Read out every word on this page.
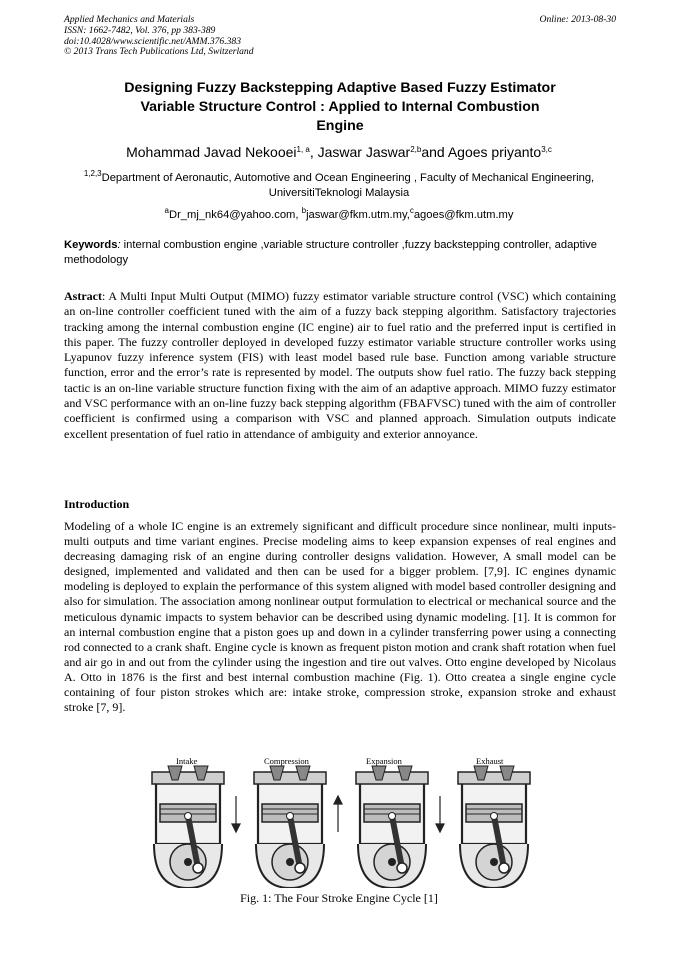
Applied Mechanics and Materials
ISSN: 1662-7482, Vol. 376, pp 383-389
doi:10.4028/www.scientific.net/AMM.376.383
© 2013 Trans Tech Publications Ltd, Switzerland
Online: 2013-08-30
Designing Fuzzy Backstepping Adaptive Based Fuzzy Estimator
Variable Structure Control : Applied to Internal Combustion
Engine
Mohammad Javad Nekooei$^{1, a}$, Jaswar Jaswar$^{2,b}$and Agoes priyanto$^{3,c}$
$^{1,2,3}$Department of Aeronautic, Automotive and Ocean Engineering , Faculty of Mechanical Engineering, UniversitiTeknologi Malaysia
$^a$Dr_mj_nk64@yahoo.com, $^b$jaswar@fkm.utm.my,$^c$agoes@fkm.utm.my
Keywords: internal combustion engine ,variable structure controller ,fuzzy backstepping controller, adaptive methodology
Astract: A Multi Input Multi Output (MIMO) fuzzy estimator variable structure control (VSC) which containing an on-line controller coefficient tuned with the aim of a fuzzy back stepping algorithm. Satisfactory trajectories tracking among the internal combustion engine (IC engine) air to fuel ratio and the preferred input is certified in this paper. The fuzzy controller deployed in developed fuzzy estimator variable structure controller works using Lyapunov fuzzy inference system (FIS) with least model based rule base. Function among variable structure function, error and the error’s rate is represented by model. The outputs show fuel ratio. The fuzzy back stepping tactic is an on-line variable structure function fixing with the aim of an adaptive approach. MIMO fuzzy estimator and VSC performance with an on-line fuzzy back stepping algorithm (FBAFVSC) tuned with the aim of controller coefficient is confirmed using a comparison with VSC and planned approach. Simulation outputs indicate excellent presentation of fuel ratio in attendance of ambiguity and exterior annoyance.
Introduction
Modeling of a whole IC engine is an extremely significant and difficult procedure since nonlinear, multi inputs-multi outputs and time variant engines. Precise modeling aims to keep expansion expenses of real engines and decreasing damaging risk of an engine during controller designs validation. However, A small model can be designed, implemented and validated and then can be used for a bigger problem. [7,9]. IC engines dynamic modeling is deployed to explain the performance of this system aligned with model based controller designing and also for simulation. The association among nonlinear output formulation to electrical or mechanical source and the meticulous dynamic impacts to system behavior can be described using dynamic modeling. [1]. It is common for an internal combustion engine that a piston goes up and down in a cylinder transferring power using a connecting rod connected to a crank shaft. Engine cycle is known as frequent piston motion and crank shaft rotation when fuel and air go in and out from the cylinder using the ingestion and tire out valves. Otto engine developed by Nicolaus A. Otto in 1876 is the first and best internal combustion machine (Fig. 1). Otto createa a single engine cycle containing of four piston strokes which are: intake stroke, compression stroke, expansion stroke and exhaust stroke [7, 9].
Intake	Compression	Expansion	Exhaust
Fig. 1: The Four Stroke Engine Cycle [1]
